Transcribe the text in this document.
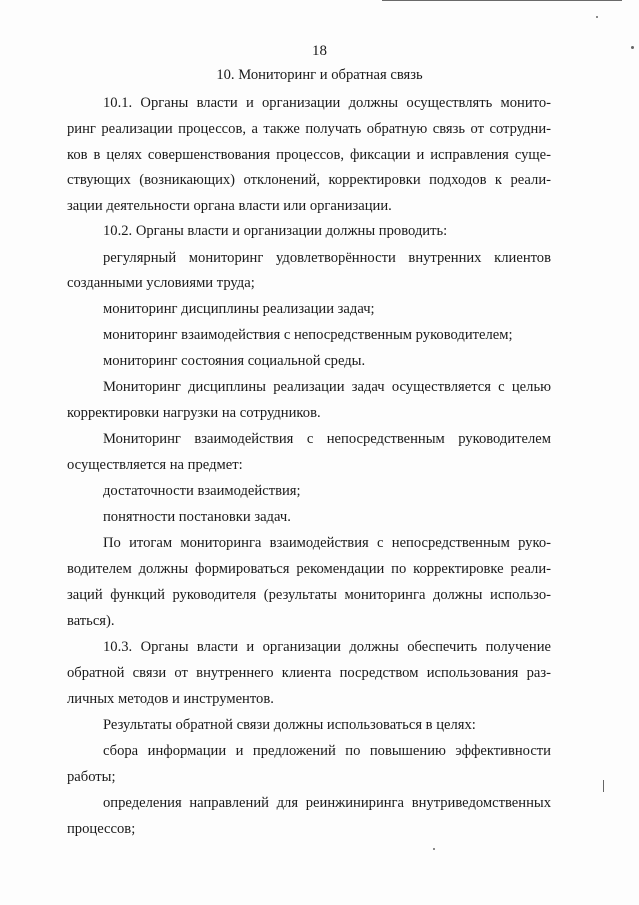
18
10. Мониторинг и обратная связь
10.1. Органы власти и организации должны осуществлять монито-
ринг реализации процессов, а также получать обратную связь от сотрудни-
ков в целях совершенствования процессов, фиксации и исправления суще-
ствующих (возникающих) отклонений, корректировки подходов к реали-
зации деятельности органа власти или организации.
10.2. Органы власти и организации должны проводить:
регулярный мониторинг удовлетворённости внутренних клиентов
созданными условиями труда;
мониторинг дисциплины реализации задач;
мониторинг взаимодействия с непосредственным руководителем;
мониторинг состояния социальной среды.
Мониторинг дисциплины реализации задач осуществляется с целью
корректировки нагрузки на сотрудников.
Мониторинг взаимодействия с непосредственным руководителем
осуществляется на предмет:
достаточности взаимодействия;
понятности постановки задач.
По итогам мониторинга взаимодействия с непосредственным руко-
водителем должны формироваться рекомендации по корректировке реали-
заций функций руководителя (результаты мониторинга должны использо-
ваться).
10.3. Органы власти и организации должны обеспечить получение
обратной связи от внутреннего клиента посредством использования раз-
личных методов и инструментов.
Результаты обратной связи должны использоваться в целях:
сбора информации и предложений по повышению эффективности
работы;
определения направлений для реинжиниринга внутриведомственных
процессов;
